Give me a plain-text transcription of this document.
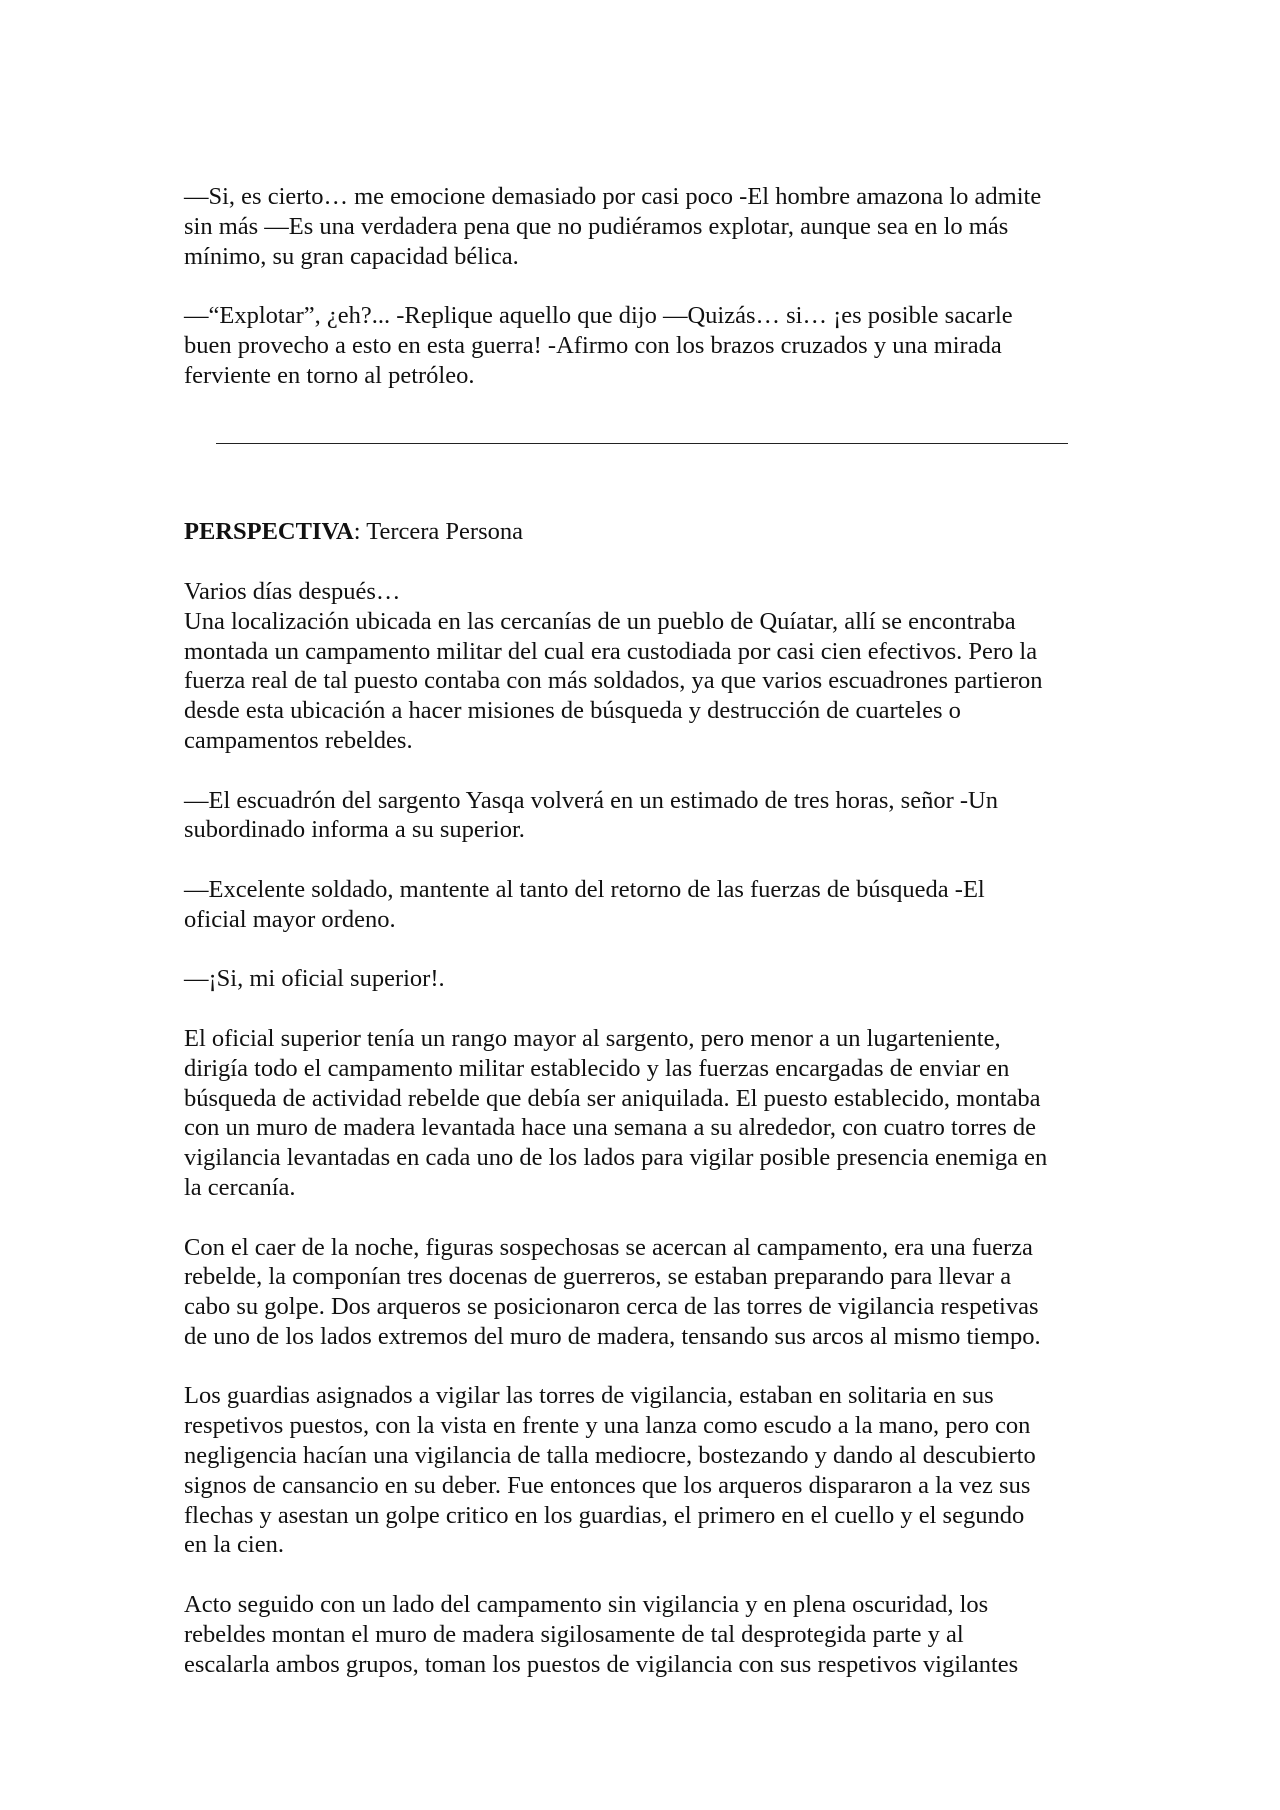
—Si, es cierto… me emocione demasiado por casi poco -El hombre amazona lo admite
sin más —Es una verdadera pena que no pudiéramos explotar, aunque sea en lo más
mínimo, su gran capacidad bélica.

—“Explotar”, ¿eh?... -Replique aquello que dijo —Quizás… si… ¡es posible sacarle
buen provecho a esto en esta guerra! -Afirmo con los brazos cruzados y una mirada
ferviente en torno al petróleo.

PERSPECTIVA: Tercera Persona

Varios días después…
Una localización ubicada en las cercanías de un pueblo de Quíatar, allí se encontraba
montada un campamento militar del cual era custodiada por casi cien efectivos. Pero la
fuerza real de tal puesto contaba con más soldados, ya que varios escuadrones partieron
desde esta ubicación a hacer misiones de búsqueda y destrucción de cuarteles o
campamentos rebeldes.

—El escuadrón del sargento Yasqa volverá en un estimado de tres horas, señor -Un
subordinado informa a su superior.

—Excelente soldado, mantente al tanto del retorno de las fuerzas de búsqueda -El
oficial mayor ordeno.

—¡Si, mi oficial superior!.

El oficial superior tenía un rango mayor al sargento, pero menor a un lugarteniente,
dirigía todo el campamento militar establecido y las fuerzas encargadas de enviar en
búsqueda de actividad rebelde que debía ser aniquilada. El puesto establecido, montaba
con un muro de madera levantada hace una semana a su alrededor, con cuatro torres de
vigilancia levantadas en cada uno de los lados para vigilar posible presencia enemiga en
la cercanía.

Con el caer de la noche, figuras sospechosas se acercan al campamento, era una fuerza
rebelde, la componían tres docenas de guerreros, se estaban preparando para llevar a
cabo su golpe. Dos arqueros se posicionaron cerca de las torres de vigilancia respetivas
de uno de los lados extremos del muro de madera, tensando sus arcos al mismo tiempo.

Los guardias asignados a vigilar las torres de vigilancia, estaban en solitaria en sus
respetivos puestos, con la vista en frente y una lanza como escudo a la mano, pero con
negligencia hacían una vigilancia de talla mediocre, bostezando y dando al descubierto
signos de cansancio en su deber. Fue entonces que los arqueros dispararon a la vez sus
flechas y asestan un golpe critico en los guardias, el primero en el cuello y el segundo
en la cien.

Acto seguido con un lado del campamento sin vigilancia y en plena oscuridad, los
rebeldes montan el muro de madera sigilosamente de tal desprotegida parte y al
escalarla ambos grupos, toman los puestos de vigilancia con sus respetivos vigilantes
